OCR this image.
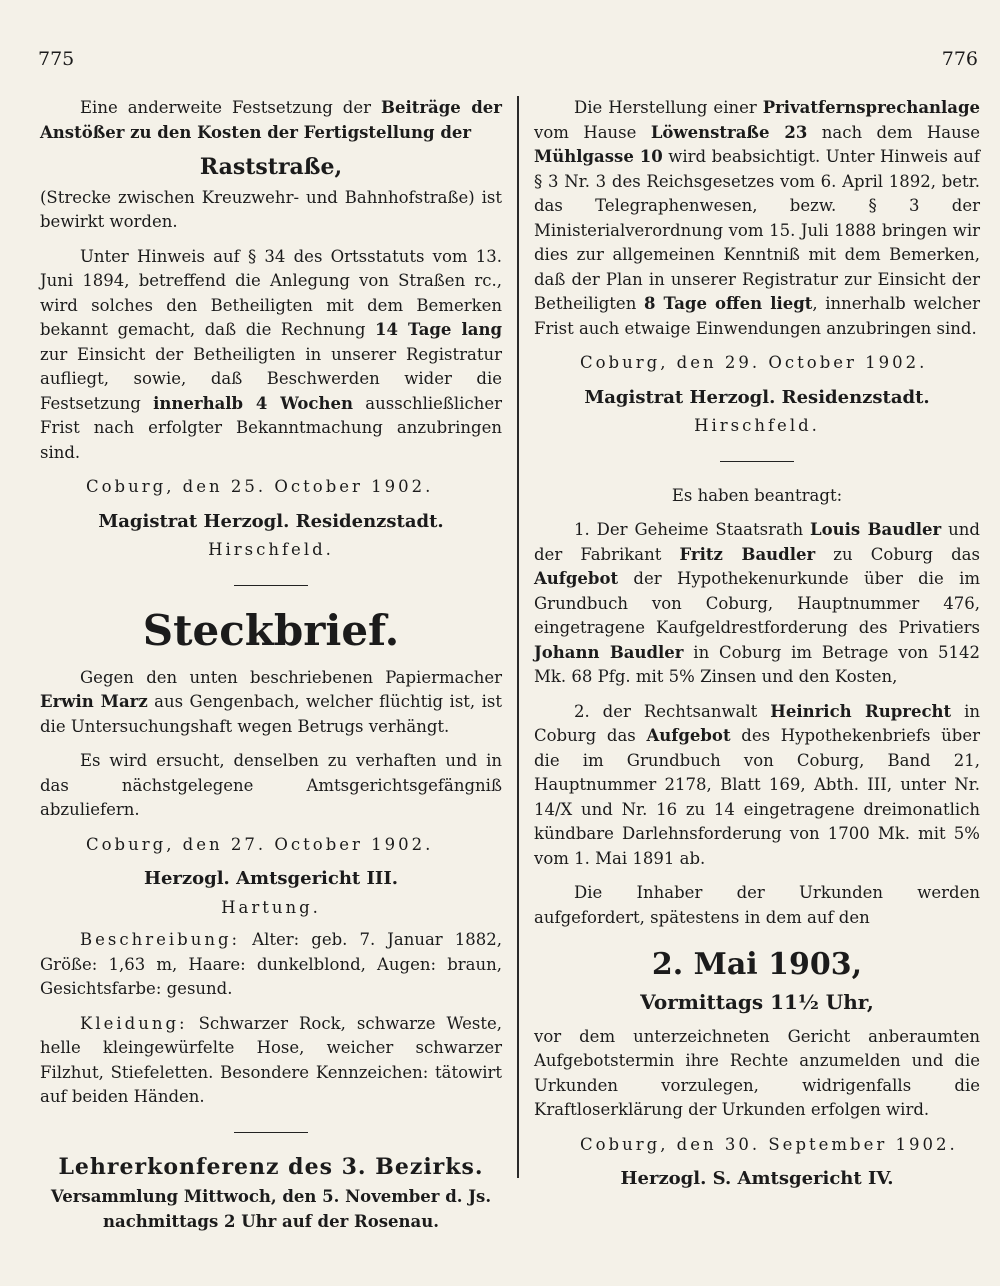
775	776

Eine anderweite Festsetzung der Beiträge der Anstößer zu den Kosten der Fertigstellung der

Raststraße,

(Strecke zwischen Kreuzwehr- und Bahnhofstraße) ist bewirkt worden.

Unter Hinweis auf § 34 des Ortsstatuts vom 13. Juni 1894, betreffend die Anlegung von Straßen rc., wird solches den Betheiligten mit dem Bemerken bekannt gemacht, daß die Rechnung 14 Tage lang zur Einsicht der Betheiligten in unserer Registratur aufliegt, sowie, daß Beschwerden wider die Festsetzung innerhalb 4 Wochen ausschließlicher Frist nach erfolgter Bekanntmachung anzubringen sind.

Coburg, den 25. October 1902.
Magistrat Herzogl. Residenzstadt.
Hirschfeld.
Steckbrief.

Gegen den unten beschriebenen Papiermacher Erwin Marz aus Gengenbach, welcher flüchtig ist, ist die Untersuchungshaft wegen Betrugs verhängt.

Es wird ersucht, denselben zu verhaften und in das nächstgelegene Amtsgerichtsgefängniß abzuliefern.

Coburg, den 27. October 1902.
Herzogl. Amtsgericht III.
Hartung.

Beschreibung: Alter: geb. 7. Januar 1882, Größe: 1,63 m, Haare: dunkelblond, Augen: braun, Gesichtsfarbe: gesund.

Kleidung: Schwarzer Rock, schwarze Weste, helle kleingewürfelte Hose, weicher schwarzer Filzhut, Stiefeletten. Besondere Kennzeichen: tätowirt auf beiden Händen.

Lehrerkonferenz des 3. Bezirks.

Versammlung Mittwoch, den 5. November d. Js. nachmittags 2 Uhr auf der Rosenau.

Die Herstellung einer Privatfernsprechanlage vom Hause Löwenstraße 23 nach dem Hause Mühlgasse 10 wird beabsichtigt. Unter Hinweis auf § 3 Nr. 3 des Reichsgesetzes vom 6. April 1892, betr. das Telegraphenwesen, bezw. § 3 der Ministerialverordnung vom 15. Juli 1888 bringen wir dies zur allgemeinen Kenntniß mit dem Bemerken, daß der Plan in unserer Registratur zur Einsicht der Betheiligten 8 Tage offen liegt, innerhalb welcher Frist auch etwaige Einwendungen anzubringen sind.

Coburg, den 29. October 1902.
Magistrat Herzogl. Residenzstadt.
Hirschfeld.

Es haben beantragt:

1. Der Geheime Staatsrath Louis Baudler und der Fabrikant Fritz Baudler zu Coburg das Aufgebot der Hypothekenurkunde über die im Grundbuch von Coburg, Hauptnummer 476, eingetragene Kaufgeldrestforderung des Privatiers Johann Baudler in Coburg im Betrage von 5142 Mk. 68 Pfg. mit 5% Zinsen und den Kosten,

2. der Rechtsanwalt Heinrich Ruprecht in Coburg das Aufgebot des Hypothekenbriefs über die im Grundbuch von Coburg, Band 21, Hauptnummer 2178, Blatt 169, Abth. III, unter Nr. 14/X und Nr. 16 zu 14 eingetragene dreimonatlich kündbare Darlehnsforderung von 1700 Mk. mit 5% vom 1. Mai 1891 ab.

Die Inhaber der Urkunden werden aufgefordert, spätestens in dem auf den

2. Mai 1903,
Vormittags 11½ Uhr,

vor dem unterzeichneten Gericht anberaumten Aufgebotstermin ihre Rechte anzumelden und die Urkunden vorzulegen, widrigenfalls die Kraftloserklärung der Urkunden erfolgen wird.

Coburg, den 30. September 1902.
Herzogl. S. Amtsgericht IV.
